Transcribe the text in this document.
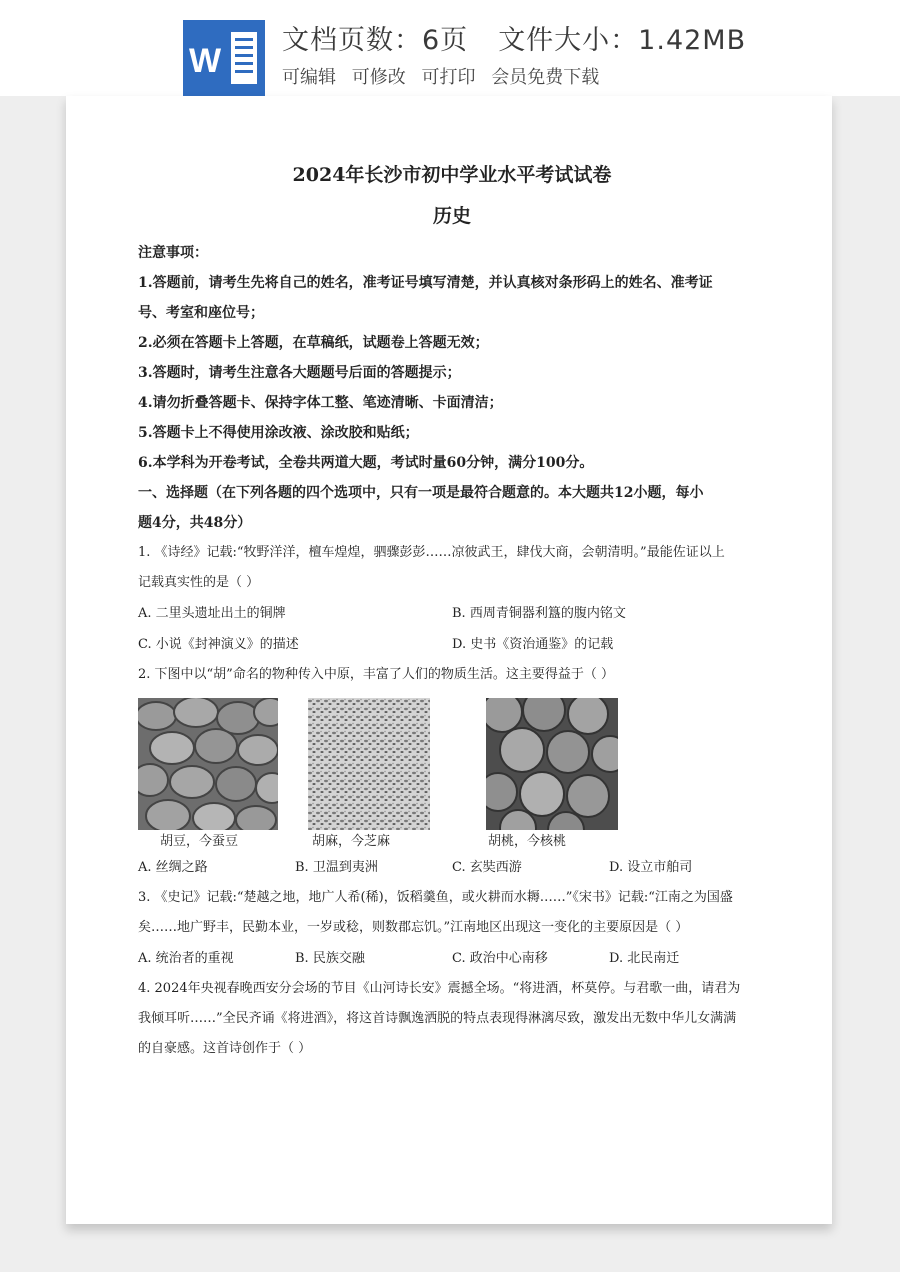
W
文档页数：6页 文件大小：1.42MB
可编辑 可修改 可打印 会员免费下载
2024年长沙市初中学业水平考试试卷
历史
注意事项：
1.答题前，请考生先将自己的姓名，准考证号填写清楚，并认真核对条形码上的姓名、准考证
号、考室和座位号；
2.必须在答题卡上答题，在草稿纸，试题卷上答题无效；
3.答题时，请考生注意各大题题号后面的答题提示；
4.请勿折叠答题卡、保持字体工整、笔迹清晰、卡面清洁；
5.答题卡上不得使用涂改液、涂改胶和贴纸；
6.本学科为开卷考试，全卷共两道大题，考试时量60分钟，满分100分。
一、选择题（在下列各题的四个选项中，只有一项是最符合题意的。本大题共12小题，每小
题4分，共48分）
1. 《诗经》记载:“牧野洋洋，檀车煌煌，驷骤彭彭……凉彼武王，肆伐大商，会朝清明。”最能佐证以上
记载真实性的是（ ）
A. 二里头遗址出土的铜牌	B. 西周青铜器利簋的腹内铭文
C. 小说《封神演义》的描述	D. 史书《资治通鉴》的记载
2. 下图中以“胡”命名的物种传入中原，丰富了人们的物质生活。这主要得益于（ ）
胡豆，今蚕豆	胡麻，今芝麻	胡桃，今核桃
A. 丝绸之路	B. 卫温到夷洲	C. 玄奘西游	D. 设立市舶司
3. 《史记》记载:“楚越之地，地广人希(稀)，饭稻羹鱼，或火耕而水耨……”《宋书》记载:“江南之为国盛
矣……地广野丰，民勤本业，一岁或稔，则数郡忘饥。”江南地区出现这一变化的主要原因是（ ）
A. 统治者的重视	B. 民族交融	C. 政治中心南移	D. 北民南迁
4. 2024年央视春晚西安分会场的节目《山河诗长安》震撼全场。“将进酒，杯莫停。与君歌一曲，请君为
我倾耳听……”全民齐诵《将进酒》，将这首诗飘逸洒脱的特点表现得淋漓尽致，激发出无数中华儿女满满
的自豪感。这首诗创作于（ ）
